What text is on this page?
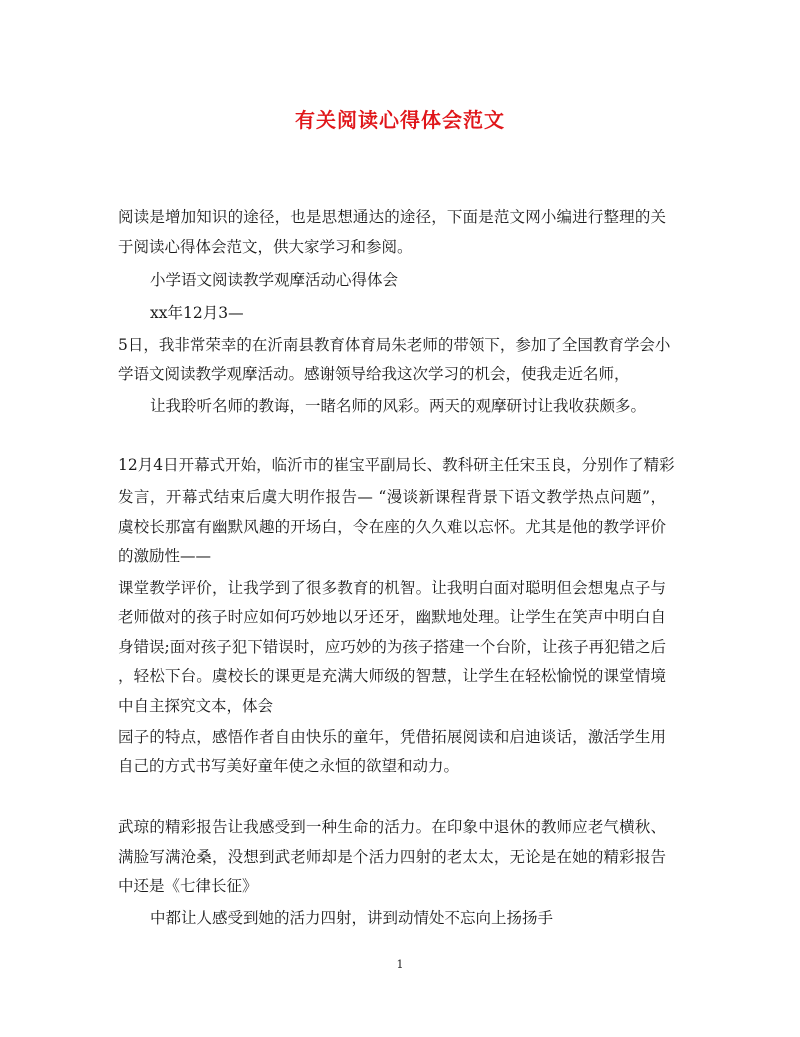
有关阅读心得体会范文
阅读是增加知识的途径，也是思想通达的途径，下面是范文网小编进行整理的关
于阅读心得体会范文，供大家学习和参阅。
小学语文阅读教学观摩活动心得体会
xx年12月3—
5日，我非常荣幸的在沂南县教育体育局朱老师的带领下，参加了全国教育学会小
学语文阅读教学观摩活动。感谢领导给我这次学习的机会，使我走近名师，
让我聆听名师的教诲，一睹名师的风彩。两天的观摩研讨让我收获颇多。
12月4日开幕式开始，临沂市的崔宝平副局长、教科研主任宋玉良，分别作了精彩
发言，开幕式结束后虞大明作报告— “漫谈新课程背景下语文教学热点问题”，
虞校长那富有幽默风趣的开场白，令在座的久久难以忘怀。尤其是他的教学评价
的激励性——
课堂教学评价，让我学到了很多教育的机智。让我明白面对聪明但会想鬼点子与
老师做对的孩子时应如何巧妙地以牙还牙，幽默地处理。让学生在笑声中明白自
身错误;面对孩子犯下错误时，应巧妙的为孩子搭建一个台阶，让孩子再犯错之后
，轻松下台。虞校长的课更是充满大师级的智慧，让学生在轻松愉悦的课堂情境
中自主探究文本，体会
园子的特点，感悟作者自由快乐的童年，凭借拓展阅读和启迪谈话，激活学生用
自己的方式书写美好童年使之永恒的欲望和动力。
武琼的精彩报告让我感受到一种生命的活力。在印象中退休的教师应老气横秋、
满脸写满沧桑，没想到武老师却是个活力四射的老太太，无论是在她的精彩报告
中还是《七律长征》
中都让人感受到她的活力四射，讲到动情处不忘向上扬扬手
1
